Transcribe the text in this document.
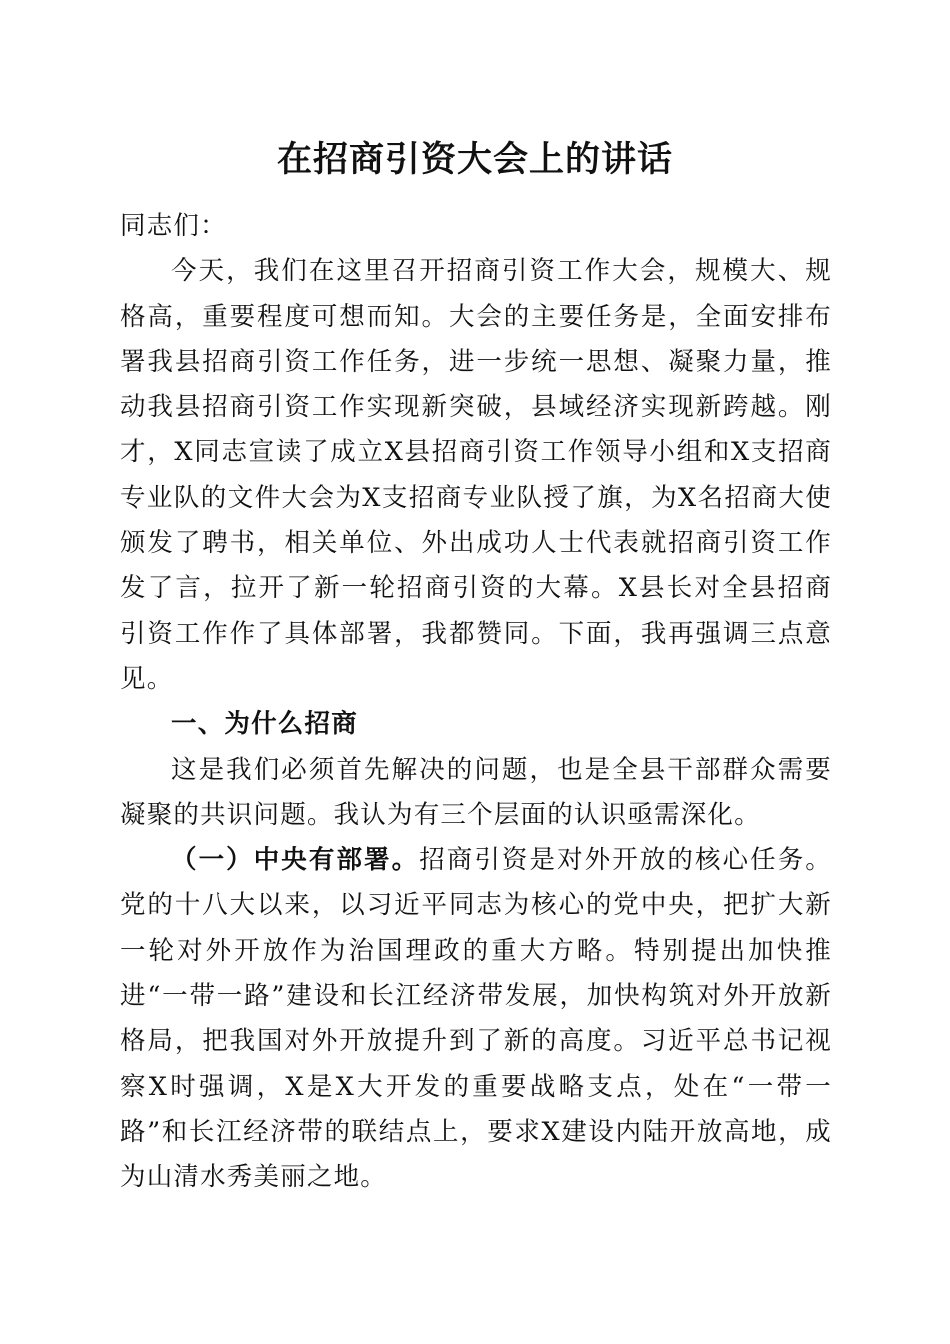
在招商引资大会上的讲话

同志们：

今天，我们在这里召开招商引资工作大会，规模大、规格高，重要程度可想而知。大会的主要任务是，全面安排布署我县招商引资工作任务，进一步统一思想、凝聚力量，推动我县招商引资工作实现新突破，县域经济实现新跨越。刚才，X同志宣读了成立X县招商引资工作领导小组和X支招商专业队的文件大会为X支招商专业队授了旗，为X名招商大使颁发了聘书，相关单位、外出成功人士代表就招商引资工作发了言，拉开了新一轮招商引资的大幕。X县长对全县招商引资工作作了具体部署，我都赞同。下面，我再强调三点意见。

一、为什么招商

这是我们必须首先解决的问题，也是全县干部群众需要凝聚的共识问题。我认为有三个层面的认识亟需深化。

（一）中央有部署。招商引资是对外开放的核心任务。党的十八大以来，以习近平同志为核心的党中央，把扩大新一轮对外开放作为治国理政的重大方略。特别提出加快推进“一带一路”建设和长江经济带发展，加快构筑对外开放新格局，把我国对外开放提升到了新的高度。习近平总书记视察X时强调，X是X大开发的重要战略支点，处在“一带一路”和长江经济带的联结点上，要求X建设内陆开放高地，成为山清水秀美丽之地。
